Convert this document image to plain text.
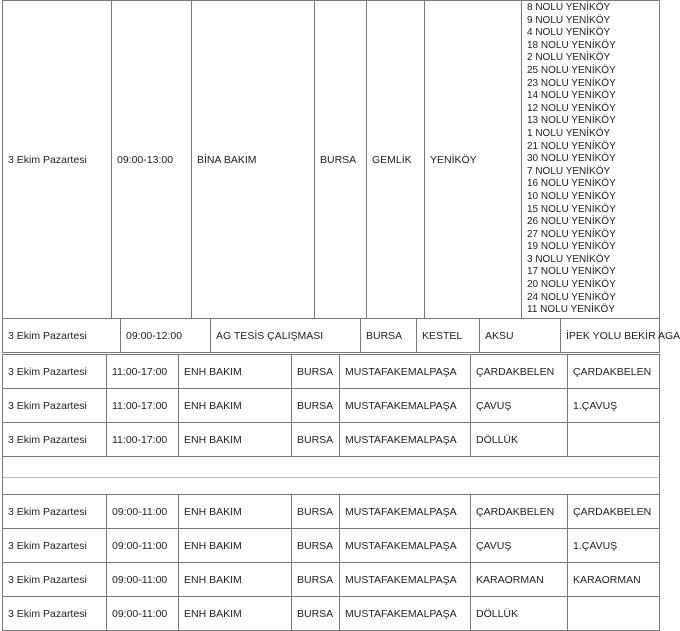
3 Ekim Pazartesi	09:00-13:00	BİNA BAKIM	BURSA	GEMLİK	YENİKÖY	
8 NOLU YENİKÖY
9 NOLU YENİKÖY
4 NOLU YENİKÖY
18 NOLU YENİKÖY
2 NOLU YENİKÖY
25 NOLU YENİKÖY
23 NOLU YENİKÖY
14 NOLU YENİKÖY
12 NOLU YENİKÖY
13 NOLU YENİKÖY
1 NOLU YENİKÖY
21 NOLU YENİKÖY
30 NOLU YENİKÖY
7 NOLU YENİKÖY
16 NOLU YENİKÖY
10 NOLU YENİKÖY
15 NOLU YENİKÖY
26 NOLU YENİKÖY
27 NOLU YENİKÖY
19 NOLU YENİKÖY
3 NOLU YENİKÖY
17 NOLU YENİKÖY
20 NOLU YENİKÖY
24 NOLU YENİKÖY
11 NOLU YENİKÖY
3 Ekim Pazartesi	09:00-12:00	AG TESİS ÇALIŞMASI	BURSA	KESTEL	AKSU	İPEK YOLU BEKİR AGA
3 Ekim Pazartesi	11:00-17:00	ENH BAKIM	BURSA	MUSTAFAKEMALPAŞA	ÇARDAKBELEN	ÇARDAKBELEN
3 Ekim Pazartesi	11:00-17:00	ENH BAKIM	BURSA	MUSTAFAKEMALPAŞA	ÇAVUŞ	1.ÇAVUŞ
3 Ekim Pazartesi	11:00-17:00	ENH BAKIM	BURSA	MUSTAFAKEMALPAŞA	DÖLLÜK	

3 Ekim Pazartesi	09:00-11:00	ENH BAKIM	BURSA	MUSTAFAKEMALPAŞA	ÇARDAKBELEN	ÇARDAKBELEN
3 Ekim Pazartesi	09:00-11:00	ENH BAKIM	BURSA	MUSTAFAKEMALPAŞA	ÇAVUŞ	1.ÇAVUŞ
3 Ekim Pazartesi	09:00-11:00	ENH BAKIM	BURSA	MUSTAFAKEMALPAŞA	KARAORMAN	KARAORMAN
3 Ekim Pazartesi	09:00-11:00	ENH BAKIM	BURSA	MUSTAFAKEMALPAŞA	DÖLLÜK	
